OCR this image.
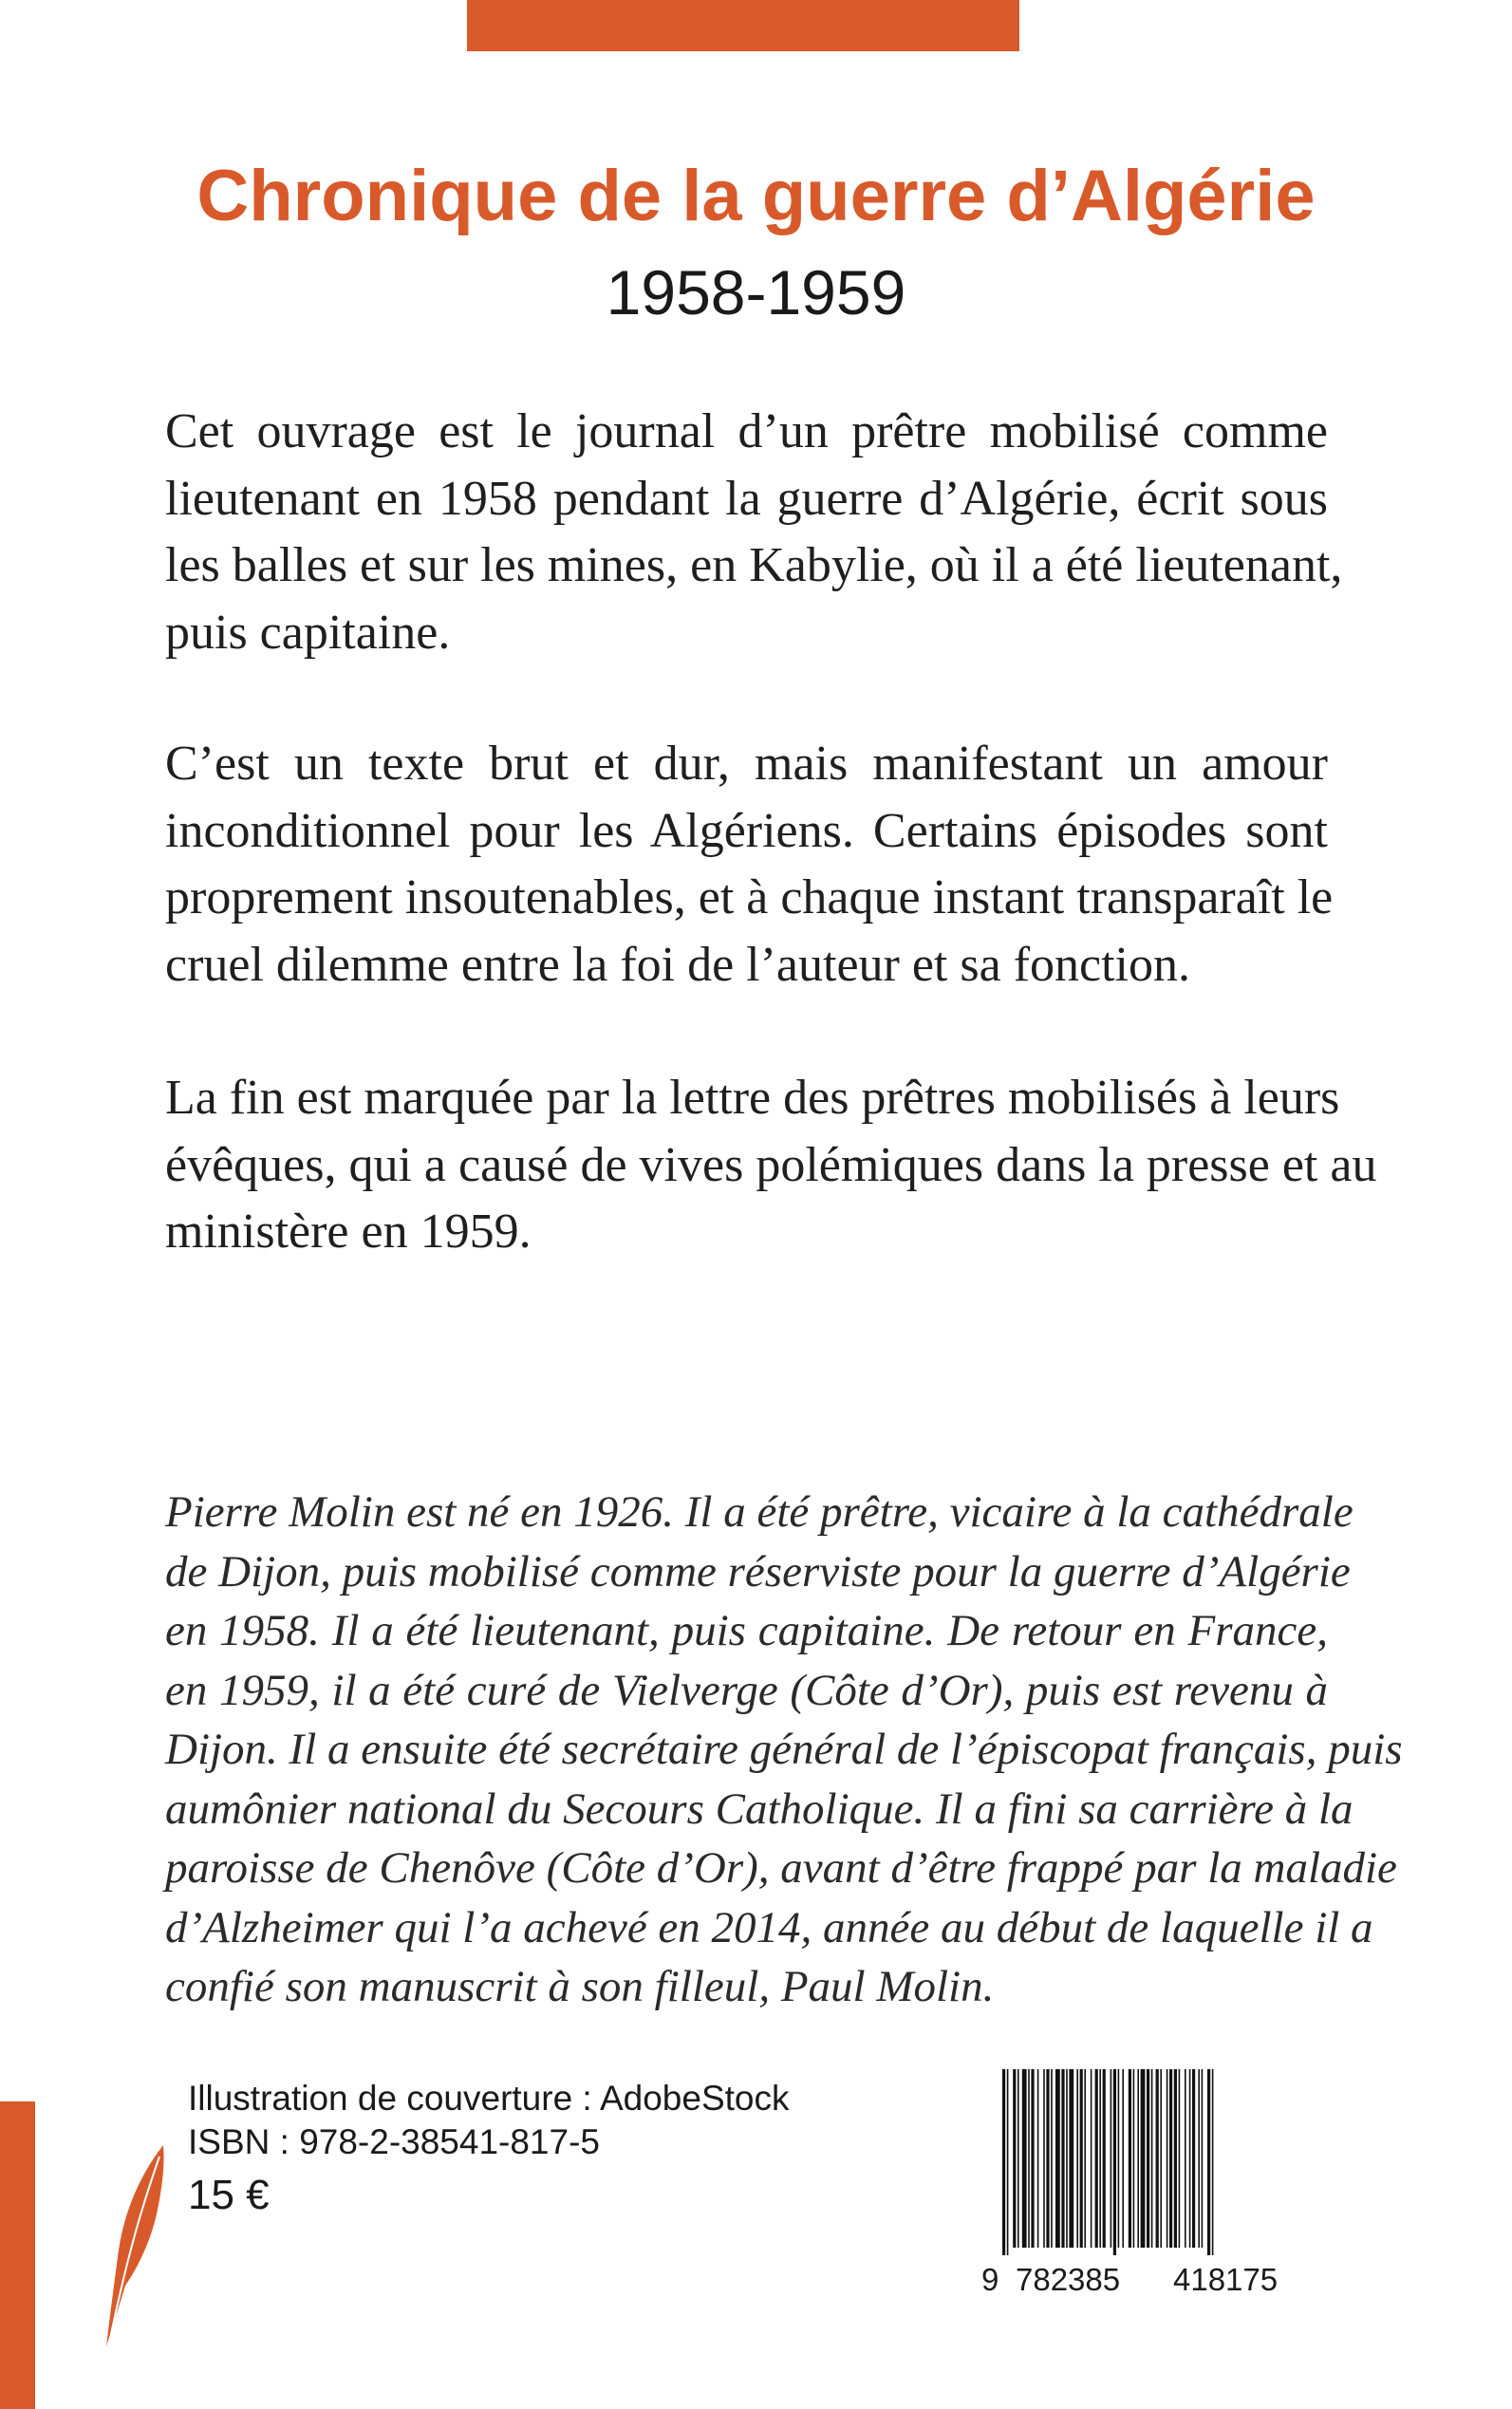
Chronique de la guerre d’Algérie
1958-1959

Cet ouvrage est le journal d’un prêtre mobilisé comme
lieutenant en 1958 pendant la guerre d’Algérie, écrit sous
les balles et sur les mines, en Kabylie, où il a été lieutenant,
puis capitaine.

C’est un texte brut et dur, mais manifestant un amour
inconditionnel pour les Algériens. Certains épisodes sont
proprement insoutenables, et à chaque instant transparaît le
cruel dilemme entre la foi de l’auteur et sa fonction.

La fin est marquée par la lettre des prêtres mobilisés à leurs
évêques, qui a causé de vives polémiques dans la presse et au
ministère en 1959.

Pierre Molin est né en 1926. Il a été prêtre, vicaire à la cathédrale
de Dijon, puis mobilisé comme réserviste pour la guerre d’Algérie
en 1958. Il a été lieutenant, puis capitaine. De retour en France,
en 1959, il a été curé de Vielverge (Côte d’Or), puis est revenu à
Dijon. Il a ensuite été secrétaire général de l’épiscopat français, puis
aumônier national du Secours Catholique. Il a fini sa carrière à la
paroisse de Chenôve (Côte d’Or), avant d’être frappé par la maladie
d’Alzheimer qui l’a achevé en 2014, année au début de laquelle il a
confié son manuscrit à son filleul, Paul Molin.

Illustration de couverture : AdobeStock
ISBN : 978-2-38541-817-5
15 €
9 782385 418175
